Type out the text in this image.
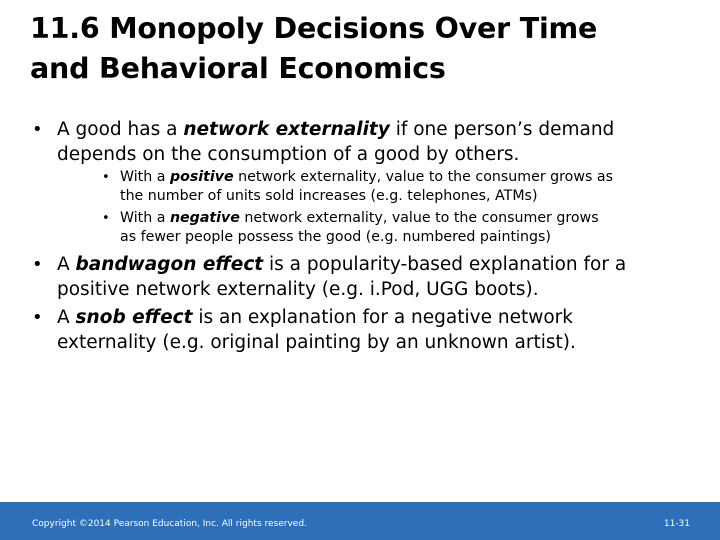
11.6 Monopoly Decisions Over Time
and Behavioral Economics
• A good has a network externality if one person’s demand
depends on the consumption of a good by others.
• With a positive network externality, value to the consumer grows as
the number of units sold increases (e.g. telephones, ATMs)
• With a negative network externality, value to the consumer grows
as fewer people possess the good (e.g. numbered paintings)
• A bandwagon effect is a popularity-based explanation for a
positive network externality (e.g. i.Pod, UGG boots).
• A snob effect is an explanation for a negative network
externality (e.g. original painting by an unknown artist).
Copyright ©2014 Pearson Education, Inc. All rights reserved.	11-31
